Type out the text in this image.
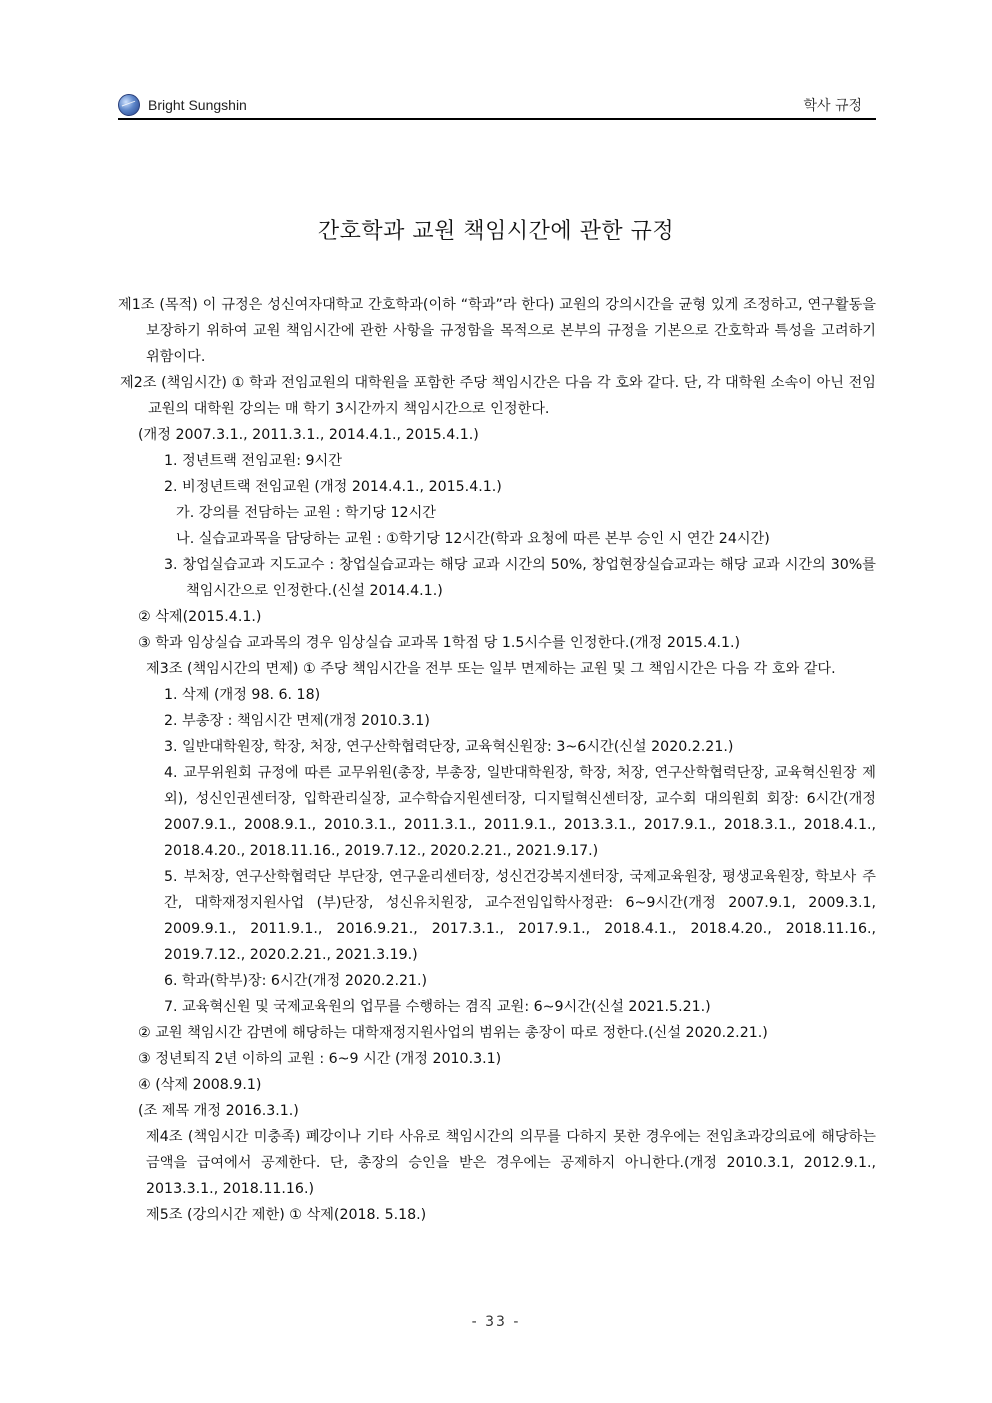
Bright Sungshin	학사 규정
간호학과 교원 책임시간에 관한 규정

제1조 (목적) 이 규정은 성신여자대학교 간호학과(이하 “학과”라 한다) 교원의 강의시간을 균형 있게 조정하고, 연구활동을 보장하기 위하여 교원 책임시간에 관한 사항을 규정함을 목적으로 본부의 규정을 기본으로 간호학과 특성을 고려하기 위함이다.

제2조 (책임시간) ① 학과 전임교원의 대학원을 포함한 주당 책임시간은 다음 각 호와 같다. 단, 각 대학원 소속이 아닌 전임교원의 대학원 강의는 매 학기 3시간까지 책임시간으로 인정한다.

(개정 2007.3.1., 2011.3.1., 2014.4.1., 2015.4.1.)

1. 정년트랙 전임교원: 9시간

2. 비정년트랙 전임교원 (개정 2014.4.1., 2015.4.1.)

가. 강의를 전담하는 교원 : 학기당 12시간

나. 실습교과목을 담당하는 교원 : ①학기당 12시간(학과 요청에 따른 본부 승인 시 연간 24시간)

3. 창업실습교과 지도교수 : 창업실습교과는 해당 교과 시간의 50%, 창업현장실습교과는 해당 교과 시간의 30%를 책임시간으로 인정한다.(신설 2014.4.1.)

② 삭제(2015.4.1.)

③ 학과 임상실습 교과목의 경우 임상실습 교과목 1학점 당 1.5시수를 인정한다.(개정 2015.4.1.)

제3조 (책임시간의 면제) ① 주당 책임시간을 전부 또는 일부 면제하는 교원 및 그 책임시간은 다음 각 호와 같다.

1. 삭제 (개정 98. 6. 18)

2. 부총장 : 책임시간 면제(개정 2010.3.1)

3. 일반대학원장, 학장, 처장, 연구산학협력단장, 교육혁신원장: 3~6시간(신설 2020.2.21.)

4. 교무위원회 규정에 따른 교무위원(총장, 부총장, 일반대학원장, 학장, 처장, 연구산학협력단장, 교육혁신원장 제외), 성신인권센터장, 입학관리실장, 교수학습지원센터장, 디지털혁신센터장, 교수회 대의원회 회장: 6시간(개정 2007.9.1., 2008.9.1., 2010.3.1., 2011.3.1., 2011.9.1., 2013.3.1., 2017.9.1., 2018.3.1., 2018.4.1., 2018.4.20., 2018.11.16., 2019.7.12., 2020.2.21., 2021.9.17.)

5. 부처장, 연구산학협력단 부단장, 연구윤리센터장, 성신건강복지센터장, 국제교육원장, 평생교육원장, 학보사 주간, 대학재정지원사업 (부)단장, 성신유치원장, 교수전임입학사정관: 6~9시간(개정 2007.9.1, 2009.3.1, 2009.9.1., 2011.9.1., 2016.9.21., 2017.3.1., 2017.9.1., 2018.4.1., 2018.4.20., 2018.11.16., 2019.7.12., 2020.2.21., 2021.3.19.)

6. 학과(학부)장: 6시간(개정 2020.2.21.)

7. 교육혁신원 및 국제교육원의 업무를 수행하는 겸직 교원: 6∼9시간(신설 2021.5.21.)

② 교원 책임시간 감면에 해당하는 대학재정지원사업의 범위는 총장이 따로 정한다.(신설 2020.2.21.)

③ 정년퇴직 2년 이하의 교원 : 6~9 시간 (개정 2010.3.1)

④ (삭제 2008.9.1)

(조 제목 개정 2016.3.1.)

제4조 (책임시간 미충족) 폐강이나 기타 사유로 책임시간의 의무를 다하지 못한 경우에는 전임초과강의료에 해당하는 금액을 급여에서 공제한다. 단, 총장의 승인을 받은 경우에는 공제하지 아니한다.(개정 2010.3.1, 2012.9.1., 2013.3.1., 2018.11.16.)

제5조 (강의시간 제한) ① 삭제(2018. 5.18.)

- 33 -
